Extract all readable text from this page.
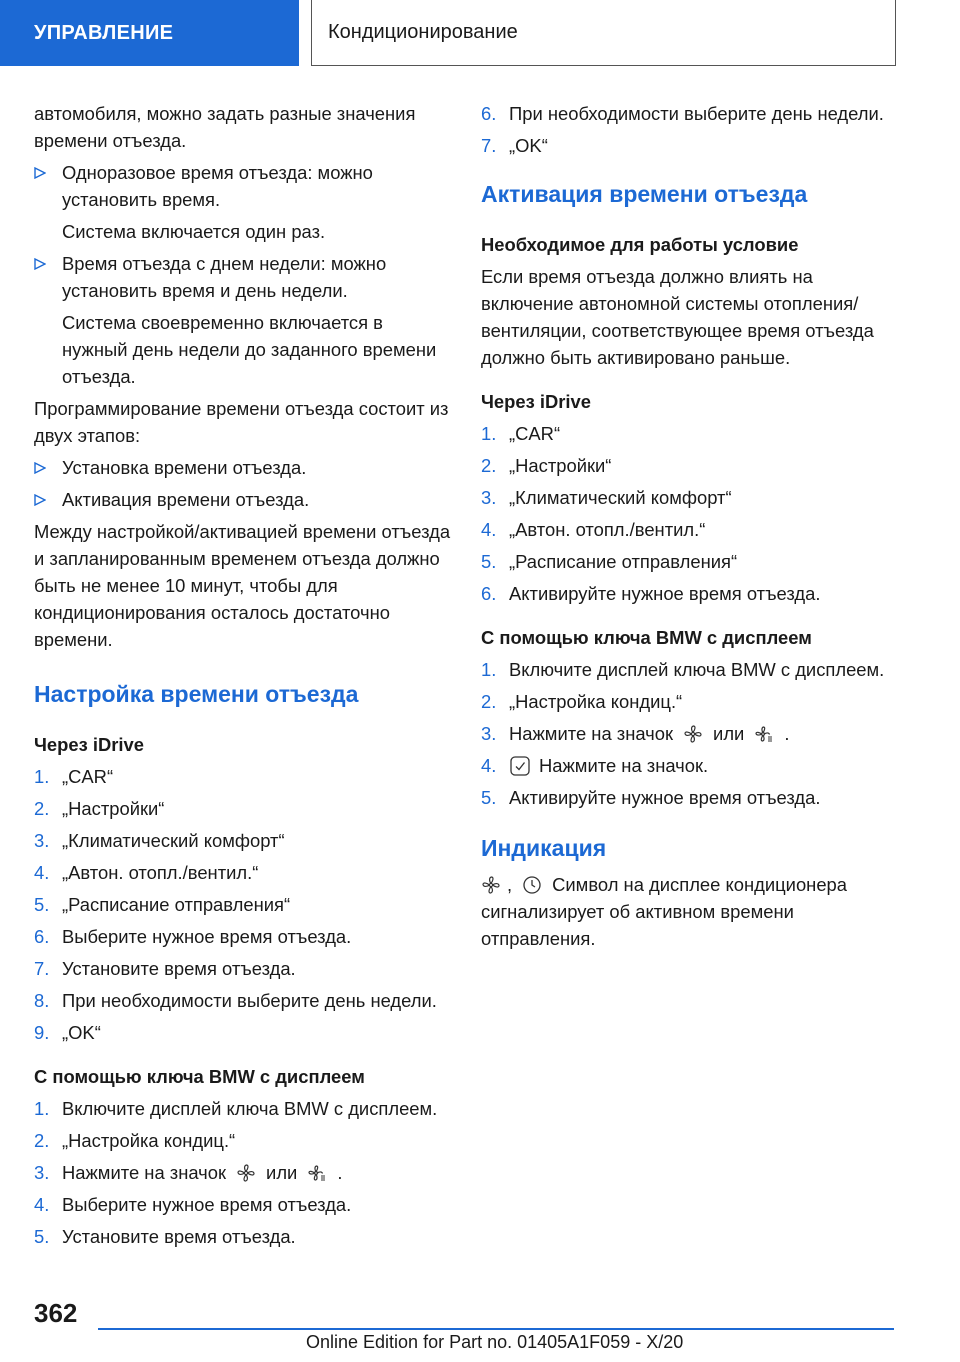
УПРАВЛЕНИЕ	Кондиционирование

автомобиля, можно задать разные значения времени отъезда.

Одноразовое время отъезда: можно установить время.
Система включается один раз.
Время отъезда с днем недели: можно установить время и день недели.
Система своевременно включается в нужный день недели до заданного времени отъезда.

Программирование времени отъезда состоит из двух этапов:

Установка времени отъезда.
Активация времени отъезда.

Между настройкой/активацией времени отъезда и запланированным временем отъезда должно быть не менее 10 минут, чтобы для кондиционирования осталось достаточно времени.

Настройка времени отъезда
Через iDrive
1. „CAR“
2. „Настройки“
3. „Климатический комфорт“
4. „Автон. отопл./вентил.“
5. „Расписание отправления“
6. Выберите нужное время отъезда.
7. Установите время отъезда.
8. При необходимости выберите день недели.
9. „OK“
С помощью ключа BMW с дисплеем
1. Включите дисплей ключа BMW с дисплеем.
2. „Настройка кондиц.“
3. Нажмите на значок или .
4. Выберите нужное время отъезда.
5. Установите время отъезда.
6. При необходимости выберите день недели.
7. „OK“
Активация времени отъезда
Необходимое для работы условие

Если время отъезда должно влиять на включение автономной системы отопления/вентиляции, соответствующее время отъезда должно быть активировано раньше.

Через iDrive
1. „CAR“
2. „Настройки“
3. „Климатический комфорт“
4. „Автон. отопл./вентил.“
5. „Расписание отправления“
6. Активируйте нужное время отъезда.
С помощью ключа BMW с дисплеем
1. Включите дисплей ключа BMW с дисплеем.
2. „Настройка кондиц.“
3. Нажмите на значок или .
4. Нажмите на значок.
5. Активируйте нужное время отъезда.
Индикация

, Символ на дисплее кондиционера сигнализирует об активном времени отправления.

362
Online Edition for Part no. 01405A1F059 - X/20
